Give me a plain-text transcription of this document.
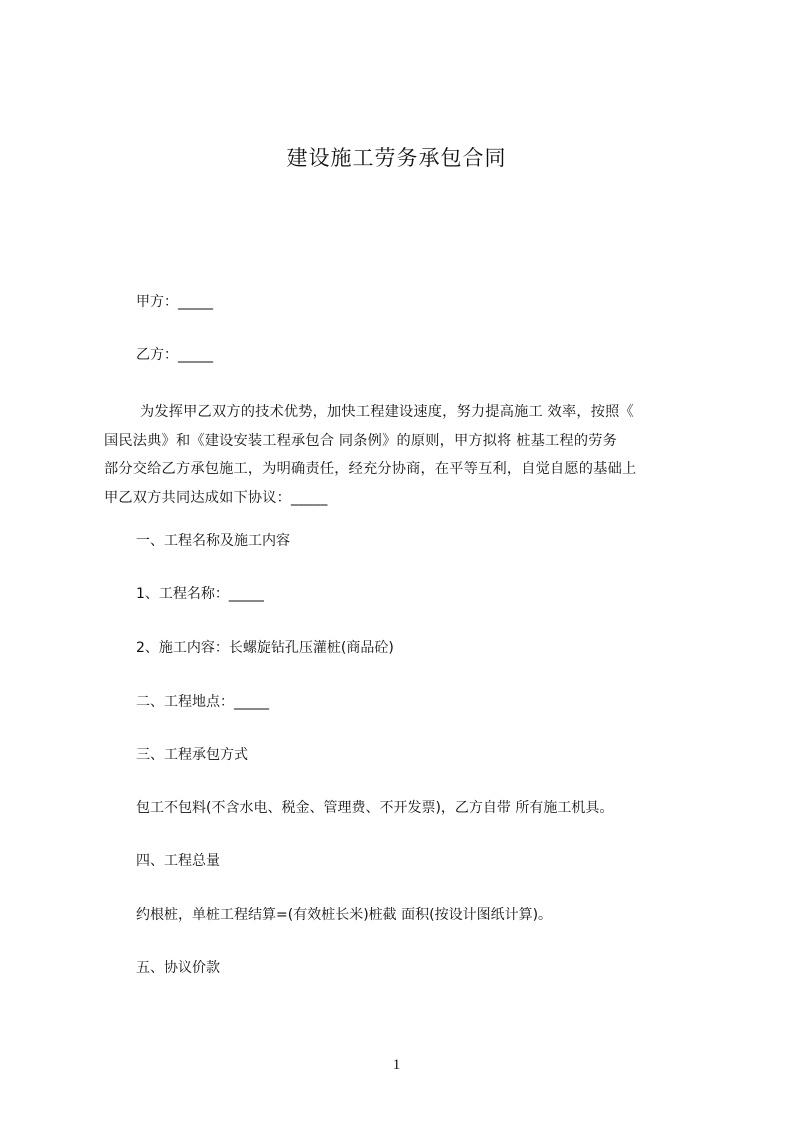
建设施工劳务承包合同
甲方：_____
乙方：_____
为发挥甲乙双方的技术优势，加快工程建设速度，努力提高施工 效率，按照《
国民法典》和《建设安装工程承包合 同条例》的原则，甲方拟将 桩基工程的劳务
部分交给乙方承包施工，为明确责任，经充分协商，在平等互利，自觉自愿的基础上
甲乙双方共同达成如下协议：_____
一、工程名称及施工内容
1、工程名称：_____
2、施工内容：长螺旋钻孔压灌桩(商品砼)
二、工程地点：_____
三、工程承包方式
包工不包料(不含水电、税金、管理费、不开发票)，乙方自带 所有施工机具。
四、工程总量
约根桩，单桩工程结算=(有效桩长米)桩截 面积(按设计图纸计算)。
五、协议价款
1
